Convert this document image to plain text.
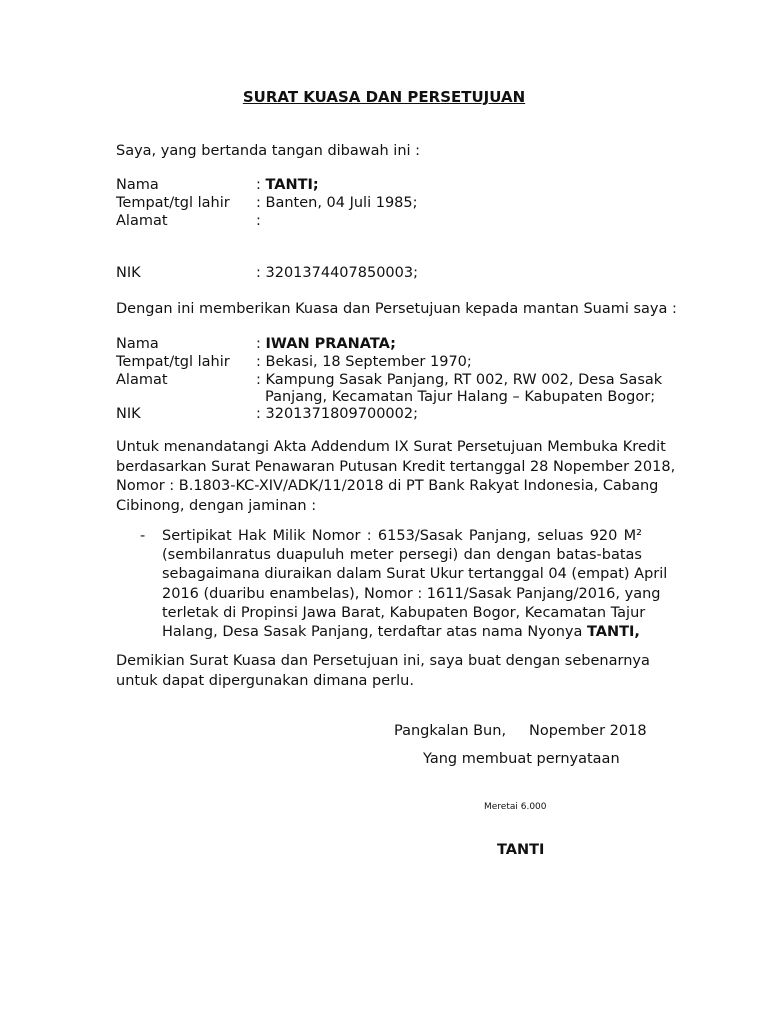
SURAT KUASA DAN PERSETUJUAN
Saya, yang bertanda tangan dibawah ini :
Nama	: TANTI;
Tempat/tgl lahir : Banten, 04 Juli 1985;
Alamat	:
NIK	: 3201374407850003;
Dengan ini memberikan Kuasa dan Persetujuan kepada mantan Suami saya :
Nama	: IWAN PRANATA;
Tempat/tgl lahir : Bekasi, 18 September 1970;
Alamat	: Kampung Sasak Panjang, RT 002, RW 002, Desa Sasak
Panjang, Kecamatan Tajur Halang – Kabupaten Bogor;
NIK	: 3201371809700002;
Untuk menandatangi Akta Addendum IX Surat Persetujuan Membuka Kredit
berdasarkan Surat Penawaran Putusan Kredit tertanggal 28 Nopember 2018,
Nomor : B.1803-KC-XIV/ADK/11/2018 di PT Bank Rakyat Indonesia, Cabang
Cibinong, dengan jaminan :
- Sertipikat Hak Milik Nomor : 6153/Sasak Panjang, seluas 920 M²
(sembilanratus duapuluh meter persegi) dan dengan batas-batas
sebagaimana diuraikan dalam Surat Ukur tertanggal 04 (empat) April
2016 (duaribu enambelas), Nomor : 1611/Sasak Panjang/2016, yang
terletak di Propinsi Jawa Barat, Kabupaten Bogor, Kecamatan Tajur
Halang, Desa Sasak Panjang, terdaftar atas nama Nyonya TANTI,
Demikian Surat Kuasa dan Persetujuan ini, saya buat dengan sebenarnya
untuk dapat dipergunakan dimana perlu.
Pangkalan Bun, Nopember 2018
Yang membuat pernyataan
Meretai 6.000
TANTI
